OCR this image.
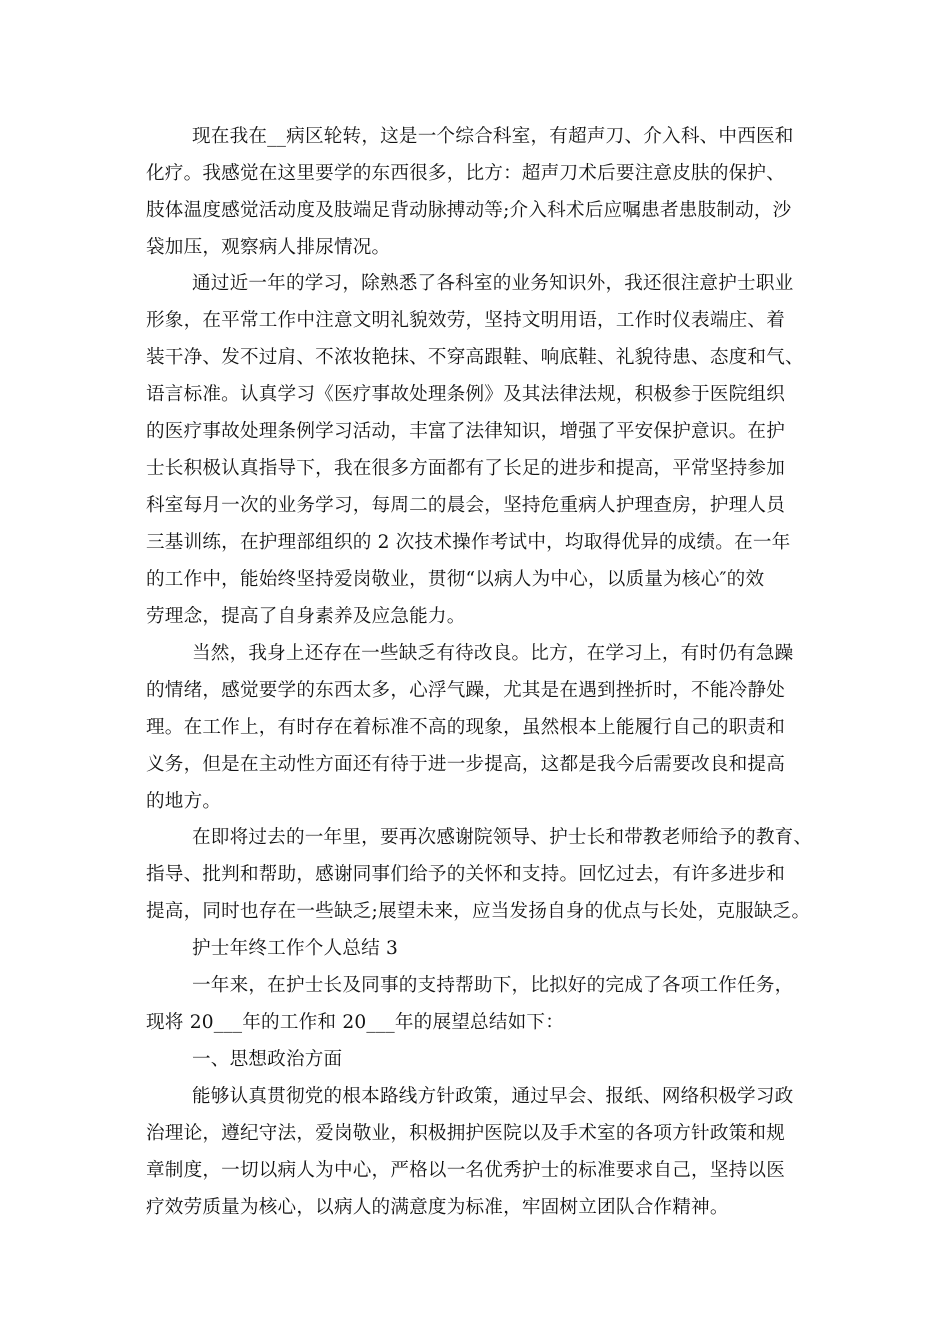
现在我在__病区轮转，这是一个综合科室，有超声刀、介入科、中西医和
化疗。我感觉在这里要学的东西很多，比方：超声刀术后要注意皮肤的保护、
肢体温度感觉活动度及肢端足背动脉搏动等;介入科术后应嘱患者患肢制动，沙
袋加压，观察病人排尿情况。
通过近一年的学习，除熟悉了各科室的业务知识外，我还很注意护士职业
形象，在平常工作中注意文明礼貌效劳，坚持文明用语，工作时仪表端庄、着
装干净、发不过肩、不浓妆艳抹、不穿高跟鞋、响底鞋、礼貌待患、态度和气、
语言标准。认真学习《医疗事故处理条例》及其法律法规，积极参于医院组织
的医疗事故处理条例学习活动，丰富了法律知识，增强了平安保护意识。在护
士长积极认真指导下，我在很多方面都有了长足的进步和提高，平常坚持参加
科室每月一次的业务学习，每周二的晨会，坚持危重病人护理查房，护理人员
三基训练，在护理部组织的 2 次技术操作考试中，均取得优异的成绩。在一年
的工作中，能始终坚持爱岗敬业，贯彻“以病人为中心，以质量为核心″的效
劳理念，提高了自身素养及应急能力。
当然，我身上还存在一些缺乏有待改良。比方，在学习上，有时仍有急躁
的情绪，感觉要学的东西太多，心浮气躁，尤其是在遇到挫折时，不能冷静处
理。在工作上，有时存在着标准不高的现象，虽然根本上能履行自己的职责和
义务，但是在主动性方面还有待于进一步提高，这都是我今后需要改良和提高
的地方。
在即将过去的一年里，要再次感谢院领导、护士长和带教老师给予的教育、
指导、批判和帮助，感谢同事们给予的关怀和支持。回忆过去，有许多进步和
提高，同时也存在一些缺乏;展望未来，应当发扬自身的优点与长处，克服缺乏。
护士年终工作个人总结 3
一年来，在护士长及同事的支持帮助下，比拟好的完成了各项工作任务，
现将 20___年的工作和 20___年的展望总结如下：
一、思想政治方面
能够认真贯彻党的根本路线方针政策，通过早会、报纸、网络积极学习政
治理论，遵纪守法，爱岗敬业，积极拥护医院以及手术室的各项方针政策和规
章制度，一切以病人为中心，严格以一名优秀护士的标准要求自己，坚持以医
疗效劳质量为核心，以病人的满意度为标准，牢固树立团队合作精神。
